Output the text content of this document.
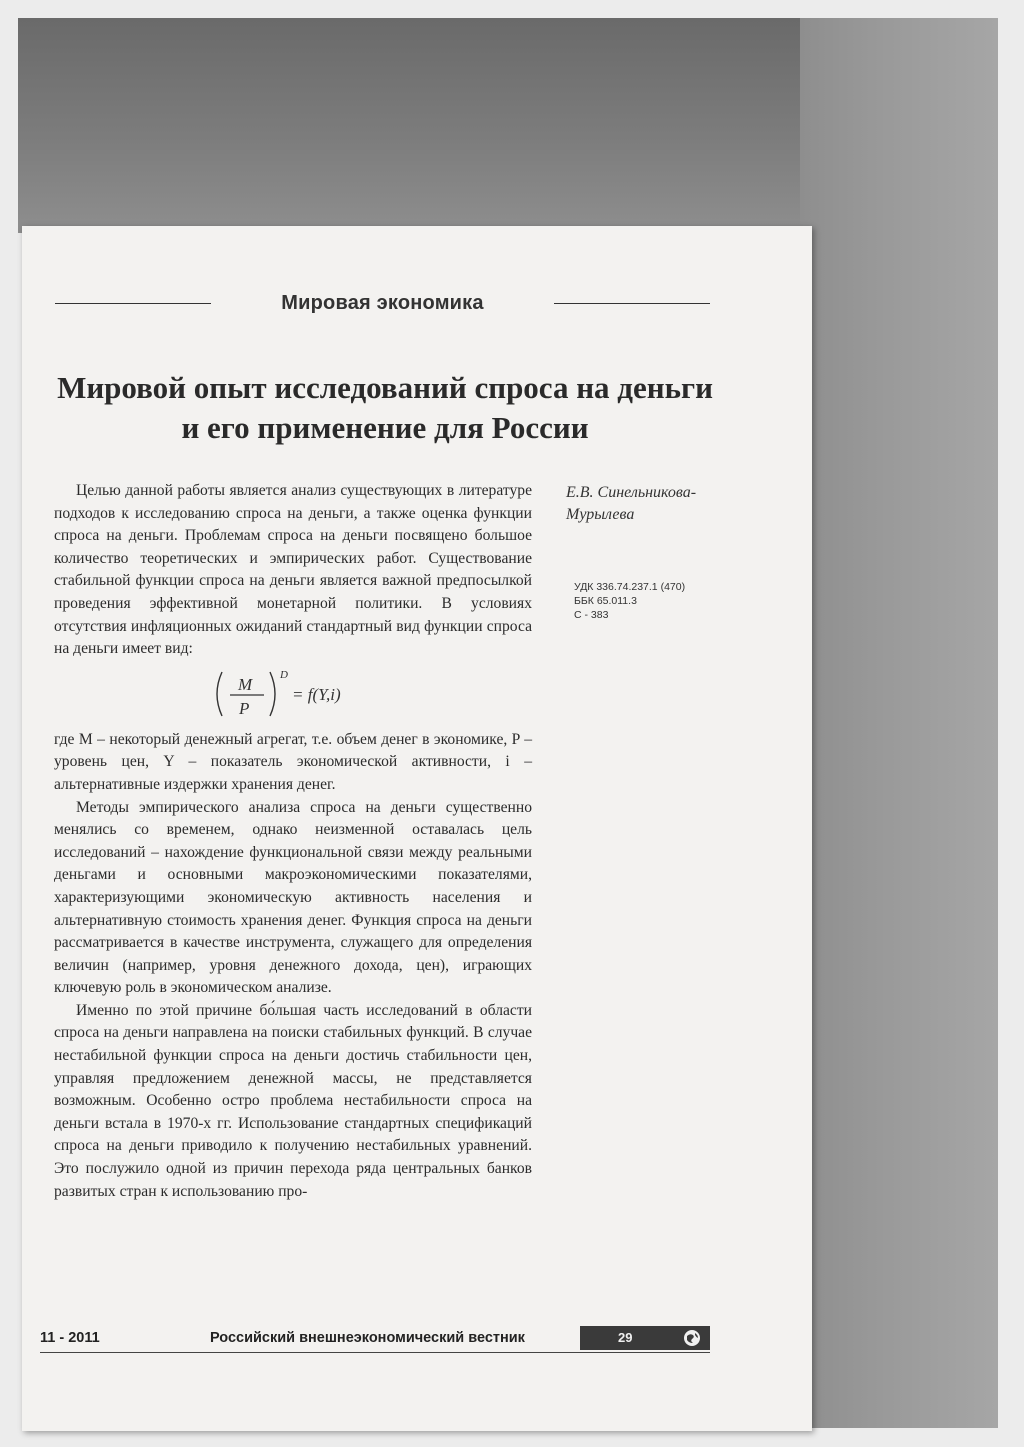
Мировая экономика
Мировой опыт исследований спроса на деньги
и его применение для России

Целью данной работы является анализ существующих в литературе подходов к исследованию спроса на деньги, а также оценка функции спроса на деньги. Проблемам спроса на деньги посвящено большое количество теоретических и эмпирических работ. Существование стабильной функции спроса на деньги является важной предпосылкой проведения эффективной монетарной политики. В условиях отсутствия инфляционных ожиданий стандартный вид функции спроса на деньги имеет вид:

M
P
D
= f(Y,i)

где M – некоторый денежный агрегат, т.е. объем денег в экономике, P – уровень цен, Y – показатель экономической активности, i – альтернативные издержки хранения денег.

Методы эмпирического анализа спроса на деньги существенно менялись со временем, однако неизменной оставалась цель исследований – нахождение функциональной связи между реальными деньгами и основными макроэкономическими показателями, характеризующими экономическую активность населения и альтернативную стоимость хранения денег. Функция спроса на деньги рассматривается в качестве инструмента, служащего для определения величин (например, уровня денежного дохода, цен), играющих ключевую роль в экономическом анализе.

Именно по этой причине бо́льшая часть исследований в области спроса на деньги направлена на поиски стабильных функций. В случае нестабильной функции спроса на деньги достичь стабильности цен, управляя предложением денежной массы, не представляется возможным. Особенно остро проблема нестабильности спроса на деньги встала в 1970-х гг. Использование стандартных спецификаций спроса на деньги приводило к получению нестабильных уравнений. Это послужило одной из причин перехода ряда центральных банков развитых стран к использованию про-

Е.В. Синельникова-
Мурылева
УДК 336.74.237.1 (470)
ББК 65.011.3
С - 383
11 - 2011	Российский внешнеэкономический вестник	29
